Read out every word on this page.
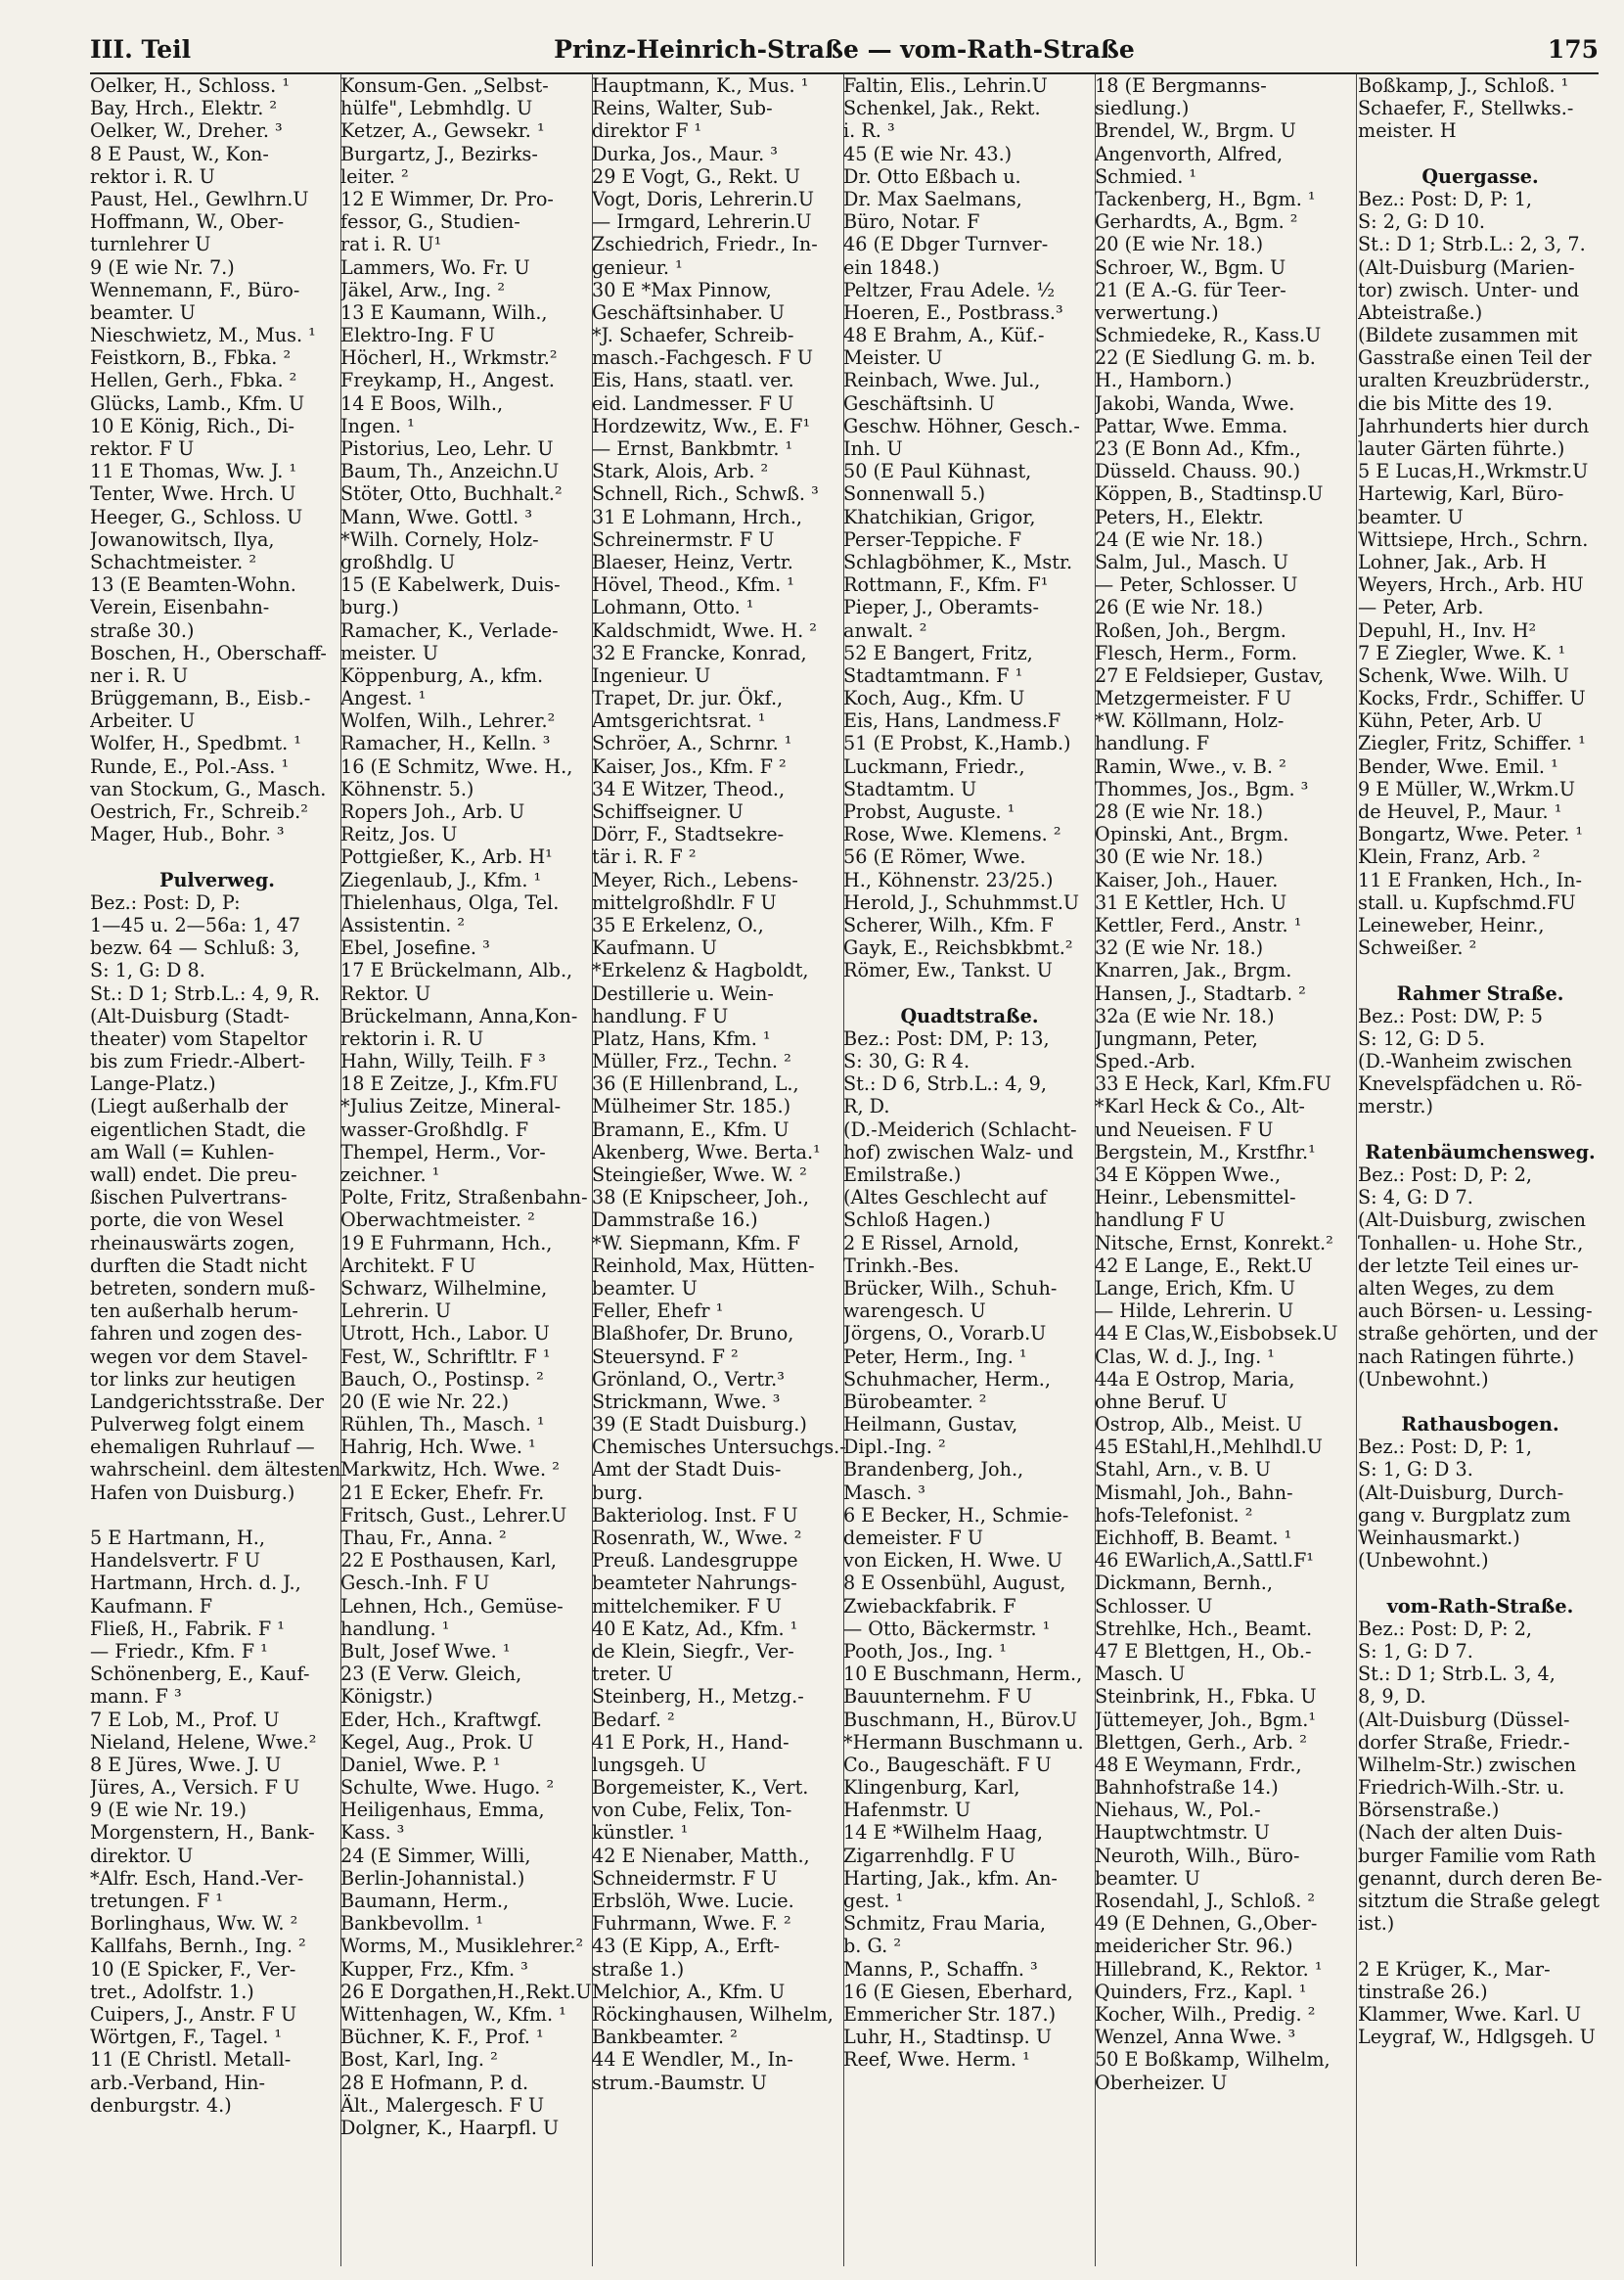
III. Teil	Prinz-Heinrich-Straße — vom-Rath-Straße	175
Oelker, H., Schloss. ¹
Bay, Hrch., Elektr. ²
Oelker, W., Dreher. ³
8 E Paust, W., Kon-
rektor i. R. U
Paust, Hel., Gewlhrn.U
Hoffmann, W., Ober-
turnlehrer U
9 (E wie Nr. 7.)
Wennemann, F., Büro-
beamter. U
Nieschwietz, M., Mus. ¹
Feistkorn, B., Fbka. ²
Hellen, Gerh., Fbka. ²
Glücks, Lamb., Kfm. U
10 E König, Rich., Di-
rektor. F U
11 E Thomas, Ww. J. ¹
Tenter, Wwe. Hrch. U
Heeger, G., Schloss. U
Jowanowitsch, Ilya,
Schachtmeister. ²
13 (E Beamten-Wohn.
Verein, Eisenbahn-
straße 30.)
Boschen, H., Oberschaff-
ner i. R. U
Brüggemann, B., Eisb.-
Arbeiter. U
Wolfer, H., Spedbmt. ¹
Runde, E., Pol.-Ass. ¹
van Stockum, G., Masch.
Oestrich, Fr., Schreib.²
Mager, Hub., Bohr. ³
Pulverweg.
Bez.: Post: D, P:
1—45 u. 2—56a: 1, 47
bezw. 64 — Schluß: 3,
S: 1, G: D 8.
St.: D 1; Strb.L.: 4, 9, R.
(Alt-Duisburg (Stadt-
theater) vom Stapeltor
bis zum Friedr.-Albert-
Lange-Platz.)
(Liegt außerhalb der
eigentlichen Stadt, die
am Wall (= Kuhlen-
wall) endet. Die preu-
ßischen Pulvertrans-
porte, die von Wesel
rheinauswärts zogen,
durften die Stadt nicht
betreten, sondern muß-
ten außerhalb herum-
fahren und zogen des-
wegen vor dem Stavel-
tor links zur heutigen
Landgerichtsstraße. Der
Pulverweg folgt einem
ehemaligen Ruhrlauf —
wahrscheinl. dem ältesten
Hafen von Duisburg.)
5 E Hartmann, H.,
Handelsvertr. F U
Hartmann, Hrch. d. J.,
Kaufmann. F
Fließ, H., Fabrik. F ¹
— Friedr., Kfm. F ¹
Schönenberg, E., Kauf-
mann. F ³
7 E Lob, M., Prof. U
Nieland, Helene, Wwe.²
8 E Jüres, Wwe. J. U
Jüres, A., Versich. F U
9 (E wie Nr. 19.)
Morgenstern, H., Bank-
direktor. U
*Alfr. Esch, Hand.-Ver-
tretungen. F ¹
Borlinghaus, Ww. W. ²
Kallfahs, Bernh., Ing. ²
10 (E Spicker, F., Ver-
tret., Adolfstr. 1.)
Cuipers, J., Anstr. F U
Wörtgen, F., Tagel. ¹
11 (E Christl. Metall-
arb.-Verband, Hin-
denburgstr. 4.)
Konsum-Gen. „Selbst-
hülfe", Lebmhdlg. U
Ketzer, A., Gewsekr. ¹
Burgartz, J., Bezirks-
leiter. ²
12 E Wimmer, Dr. Pro-
fessor, G., Studien-
rat i. R. U¹
Lammers, Wo. Fr. U
Jäkel, Arw., Ing. ²
13 E Kaumann, Wilh.,
Elektro-Ing. F U
Höcherl, H., Wrkmstr.²
Freykamp, H., Angest.
14 E Boos, Wilh.,
Ingen. ¹
Pistorius, Leo, Lehr. U
Baum, Th., Anzeichn.U
Stöter, Otto, Buchhalt.²
Mann, Wwe. Gottl. ³
*Wilh. Cornely, Holz-
großhdlg. U
15 (E Kabelwerk, Duis-
burg.)
Ramacher, K., Verlade-
meister. U
Köppenburg, A., kfm.
Angest. ¹
Wolfen, Wilh., Lehrer.²
Ramacher, H., Kelln. ³
16 (E Schmitz, Wwe. H.,
Köhnenstr. 5.)
Ropers Joh., Arb. U
Reitz, Jos. U
Pottgießer, K., Arb. H¹
Ziegenlaub, J., Kfm. ¹
Thielenhaus, Olga, Tel.
Assistentin. ²
Ebel, Josefine. ³
17 E Brückelmann, Alb.,
Rektor. U
Brückelmann, Anna,Kon-
rektorin i. R. U
Hahn, Willy, Teilh. F ³
18 E Zeitze, J., Kfm.FU
*Julius Zeitze, Mineral-
wasser-Großhdlg. F
Thempel, Herm., Vor-
zeichner. ¹
Polte, Fritz, Straßenbahn-
Oberwachtmeister. ²
19 E Fuhrmann, Hch.,
Architekt. F U
Schwarz, Wilhelmine,
Lehrerin. U
Utrott, Hch., Labor. U
Fest, W., Schriftltr. F ¹
Bauch, O., Postinsp. ²
20 (E wie Nr. 22.)
Rühlen, Th., Masch. ¹
Hahrig, Hch. Wwe. ¹
Markwitz, Hch. Wwe. ²
21 E Ecker, Ehefr. Fr.
Fritsch, Gust., Lehrer.U
Thau, Fr., Anna. ²
22 E Posthausen, Karl,
Gesch.-Inh. F U
Lehnen, Hch., Gemüse-
handlung. ¹
Bult, Josef Wwe. ¹
23 (E Verw. Gleich,
Königstr.)
Eder, Hch., Kraftwgf.
Kegel, Aug., Prok. U
Daniel, Wwe. P. ¹
Schulte, Wwe. Hugo. ²
Heiligenhaus, Emma,
Kass. ³
24 (E Simmer, Willi,
Berlin-Johannistal.)
Baumann, Herm.,
Bankbevollm. ¹
Worms, M., Musiklehrer.²
Kupper, Frz., Kfm. ³
26 E Dorgathen,H.,Rekt.U
Wittenhagen, W., Kfm. ¹
Büchner, K. F., Prof. ¹
Bost, Karl, Ing. ²
28 E Hofmann, P. d.
Ält., Malergesch. F U
Dolgner, K., Haarpfl. U
Hauptmann, K., Mus. ¹
Reins, Walter, Sub-
direktor F ¹
Durka, Jos., Maur. ³
29 E Vogt, G., Rekt. U
Vogt, Doris, Lehrerin.U
— Irmgard, Lehrerin.U
Zschiedrich, Friedr., In-
genieur. ¹
30 E *Max Pinnow,
Geschäftsinhaber. U
*J. Schaefer, Schreib-
masch.-Fachgesch. F U
Eis, Hans, staatl. ver.
eid. Landmesser. F U
Hordzewitz, Ww., E. F¹
— Ernst, Bankbmtr. ¹
Stark, Alois, Arb. ²
Schnell, Rich., Schwß. ³
31 E Lohmann, Hrch.,
Schreinermstr. F U
Blaeser, Heinz, Vertr.
Hövel, Theod., Kfm. ¹
Lohmann, Otto. ¹
Kaldschmidt, Wwe. H. ²
32 E Francke, Konrad,
Ingenieur. U
Trapet, Dr. jur. Ökf.,
Amtsgerichtsrat. ¹
Schröer, A., Schrnr. ¹
Kaiser, Jos., Kfm. F ²
34 E Witzer, Theod.,
Schiffseigner. U
Dörr, F., Stadtsekre-
tär i. R. F ²
Meyer, Rich., Lebens-
mittelgroßhdlr. F U
35 E Erkelenz, O.,
Kaufmann. U
*Erkelenz & Hagboldt,
Destillerie u. Wein-
handlung. F U
Platz, Hans, Kfm. ¹
Müller, Frz., Techn. ²
36 (E Hillenbrand, L.,
Mülheimer Str. 185.)
Bramann, E., Kfm. U
Akenberg, Wwe. Berta.¹
Steingießer, Wwe. W. ²
38 (E Knipscheer, Joh.,
Dammstraße 16.)
*W. Siepmann, Kfm. F
Reinhold, Max, Hütten-
beamter. U
Feller, Ehefr ¹
Blaßhofer, Dr. Bruno,
Steuersynd. F ²
Grönland, O., Vertr.³
Strickmann, Wwe. ³
39 (E Stadt Duisburg.)
Chemisches Untersuchgs.-
Amt der Stadt Duis-
burg.
Bakteriolog. Inst. F U
Rosenrath, W., Wwe. ²
Preuß. Landesgruppe
beamteter Nahrungs-
mittelchemiker. F U
40 E Katz, Ad., Kfm. ¹
de Klein, Siegfr., Ver-
treter. U
Steinberg, H., Metzg.-
Bedarf. ²
41 E Pork, H., Hand-
lungsgeh. U
Borgemeister, K., Vert.
von Cube, Felix, Ton-
künstler. ¹
42 E Nienaber, Matth.,
Schneidermstr. F U
Erbslöh, Wwe. Lucie.
Fuhrmann, Wwe. F. ²
43 (E Kipp, A., Erft-
straße 1.)
Melchior, A., Kfm. U
Röckinghausen, Wilhelm,
Bankbeamter. ²
44 E Wendler, M., In-
strum.-Baumstr. U
Faltin, Elis., Lehrin.U
Schenkel, Jak., Rekt.
i. R. ³
45 (E wie Nr. 43.)
Dr. Otto Eßbach u.
Dr. Max Saelmans,
Büro, Notar. F
46 (E Dbger Turnver-
ein 1848.)
Peltzer, Frau Adele. ½
Hoeren, E., Postbrass.³
48 E Brahm, A., Küf.-
Meister. U
Reinbach, Wwe. Jul.,
Geschäftsinh. U
Geschw. Höhner, Gesch.-
Inh. U
50 (E Paul Kühnast,
Sonnenwall 5.)
Khatchikian, Grigor,
Perser-Teppiche. F
Schlagböhmer, K., Mstr.
Rottmann, F., Kfm. F¹
Pieper, J., Oberamts-
anwalt. ²
52 E Bangert, Fritz,
Stadtamtmann. F ¹
Koch, Aug., Kfm. U
Eis, Hans, Landmess.F
51 (E Probst, K.,Hamb.)
Luckmann, Friedr.,
Stadtamtm. U
Probst, Auguste. ¹
Rose, Wwe. Klemens. ²
56 (E Römer, Wwe.
H., Köhnenstr. 23/25.)
Herold, J., Schuhmmst.U
Scherer, Wilh., Kfm. F
Gayk, E., Reichsbkbmt.²
Römer, Ew., Tankst. U
Quadtstraße.
Bez.: Post: DM, P: 13,
S: 30, G: R 4.
St.: D 6, Strb.L.: 4, 9,
R, D.
(D.-Meiderich (Schlacht-
hof) zwischen Walz- und
Emilstraße.)
(Altes Geschlecht auf
Schloß Hagen.)
2 E Rissel, Arnold,
Trinkh.-Bes.
Brücker, Wilh., Schuh-
warengesch. U
Jörgens, O., Vorarb.U
Peter, Herm., Ing. ¹
Schuhmacher, Herm.,
Bürobeamter. ²
Heilmann, Gustav,
Dipl.-Ing. ²
Brandenberg, Joh.,
Masch. ³
6 E Becker, H., Schmie-
demeister. F U
von Eicken, H. Wwe. U
8 E Ossenbühl, August,
Zwiebackfabrik. F
— Otto, Bäckermstr. ¹
Pooth, Jos., Ing. ¹
10 E Buschmann, Herm.,
Bauunternehm. F U
Buschmann, H., Bürov.U
*Hermann Buschmann u.
Co., Baugeschäft. F U
Klingenburg, Karl,
Hafenmstr. U
14 E *Wilhelm Haag,
Zigarrenhdlg. F U
Harting, Jak., kfm. An-
gest. ¹
Schmitz, Frau Maria,
b. G. ²
Manns, P., Schaffn. ³
16 (E Giesen, Eberhard,
Emmericher Str. 187.)
Luhr, H., Stadtinsp. U
Reef, Wwe. Herm. ¹
18 (E Bergmanns-
siedlung.)
Brendel, W., Brgm. U
Angenvorth, Alfred,
Schmied. ¹
Tackenberg, H., Bgm. ¹
Gerhardts, A., Bgm. ²
20 (E wie Nr. 18.)
Schroer, W., Bgm. U
21 (E A.-G. für Teer-
verwertung.)
Schmiedeke, R., Kass.U
22 (E Siedlung G. m. b.
H., Hamborn.)
Jakobi, Wanda, Wwe.
Pattar, Wwe. Emma.
23 (E Bonn Ad., Kfm.,
Düsseld. Chauss. 90.)
Köppen, B., Stadtinsp.U
Peters, H., Elektr.
24 (E wie Nr. 18.)
Salm, Jul., Masch. U
— Peter, Schlosser. U
26 (E wie Nr. 18.)
Roßen, Joh., Bergm.
Flesch, Herm., Form.
27 E Feldsieper, Gustav,
Metzgermeister. F U
*W. Köllmann, Holz-
handlung. F
Ramin, Wwe., v. B. ²
Thommes, Jos., Bgm. ³
28 (E wie Nr. 18.)
Opinski, Ant., Brgm.
30 (E wie Nr. 18.)
Kaiser, Joh., Hauer.
31 E Kettler, Hch. U
Kettler, Ferd., Anstr. ¹
32 (E wie Nr. 18.)
Knarren, Jak., Brgm.
Hansen, J., Stadtarb. ²
32a (E wie Nr. 18.)
Jungmann, Peter,
Sped.-Arb.
33 E Heck, Karl, Kfm.FU
*Karl Heck & Co., Alt-
und Neueisen. F U
Bergstein, M., Krstfhr.¹
34 E Köppen Wwe.,
Heinr., Lebensmittel-
handlung F U
Nitsche, Ernst, Konrekt.²
42 E Lange, E., Rekt.U
Lange, Erich, Kfm. U
— Hilde, Lehrerin. U
44 E Clas,W.,Eisbobsek.U
Clas, W. d. J., Ing. ¹
44a E Ostrop, Maria,
ohne Beruf. U
Ostrop, Alb., Meist. U
45 EStahl,H.,Mehlhdl.U
Stahl, Arn., v. B. U
Mismahl, Joh., Bahn-
hofs-Telefonist. ²
Eichhoff, B. Beamt. ¹
46 EWarlich,A.,Sattl.F¹
Dickmann, Bernh.,
Schlosser. U
Strehlke, Hch., Beamt.
47 E Blettgen, H., Ob.-
Masch. U
Steinbrink, H., Fbka. U
Jüttemeyer, Joh., Bgm.¹
Blettgen, Gerh., Arb. ²
48 E Weymann, Frdr.,
Bahnhofstraße 14.)
Niehaus, W., Pol.-
Hauptwchtmstr. U
Neuroth, Wilh., Büro-
beamter. U
Rosendahl, J., Schloß. ²
49 (E Dehnen, G.,Ober-
meidericher Str. 96.)
Hillebrand, K., Rektor. ¹
Quinders, Frz., Kapl. ¹
Kocher, Wilh., Predig. ²
Wenzel, Anna Wwe. ³
50 E Boßkamp, Wilhelm,
Oberheizer. U
Boßkamp, J., Schloß. ¹
Schaefer, F., Stellwks.-
meister. H
Quergasse.
Bez.: Post: D, P: 1,
S: 2, G: D 10.
St.: D 1; Strb.L.: 2, 3, 7.
(Alt-Duisburg (Marien-
tor) zwisch. Unter- und
Abteistraße.)
(Bildete zusammen mit
Gasstraße einen Teil der
uralten Kreuzbrüderstr.,
die bis Mitte des 19.
Jahrhunderts hier durch
lauter Gärten führte.)
5 E Lucas,H.,Wrkmstr.U
Hartewig, Karl, Büro-
beamter. U
Wittsiepe, Hrch., Schrn.
Lohner, Jak., Arb. H
Weyers, Hrch., Arb. HU
— Peter, Arb.
Depuhl, H., Inv. H²
7 E Ziegler, Wwe. K. ¹
Schenk, Wwe. Wilh. U
Kocks, Frdr., Schiffer. U
Kühn, Peter, Arb. U
Ziegler, Fritz, Schiffer. ¹
Bender, Wwe. Emil. ¹
9 E Müller, W.,Wrkm.U
de Heuvel, P., Maur. ¹
Bongartz, Wwe. Peter. ¹
Klein, Franz, Arb. ²
11 E Franken, Hch., In-
stall. u. Kupfschmd.FU
Leineweber, Heinr.,
Schweißer. ²
Rahmer Straße.
Bez.: Post: DW, P: 5
S: 12, G: D 5.
(D.-Wanheim zwischen
Knevelspfädchen u. Rö-
merstr.)
Ratenbäumchensweg.
Bez.: Post: D, P: 2,
S: 4, G: D 7.
(Alt-Duisburg, zwischen
Tonhallen- u. Hohe Str.,
der letzte Teil eines ur-
alten Weges, zu dem
auch Börsen- u. Lessing-
straße gehörten, und der
nach Ratingen führte.)
(Unbewohnt.)
Rathausbogen.
Bez.: Post: D, P: 1,
S: 1, G: D 3.
(Alt-Duisburg, Durch-
gang v. Burgplatz zum
Weinhausmarkt.)
(Unbewohnt.)
vom-Rath-Straße.
Bez.: Post: D, P: 2,
S: 1, G: D 7.
St.: D 1; Strb.L. 3, 4,
8, 9, D.
(Alt-Duisburg (Düssel-
dorfer Straße, Friedr.-
Wilhelm-Str.) zwischen
Friedrich-Wilh.-Str. u.
Börsenstraße.)
(Nach der alten Duis-
burger Familie vom Rath
genannt, durch deren Be-
sitztum die Straße gelegt
ist.)
2 E Krüger, K., Mar-
tinstraße 26.)
Klammer, Wwe. Karl. U
Leygraf, W., Hdlgsgeh. U
